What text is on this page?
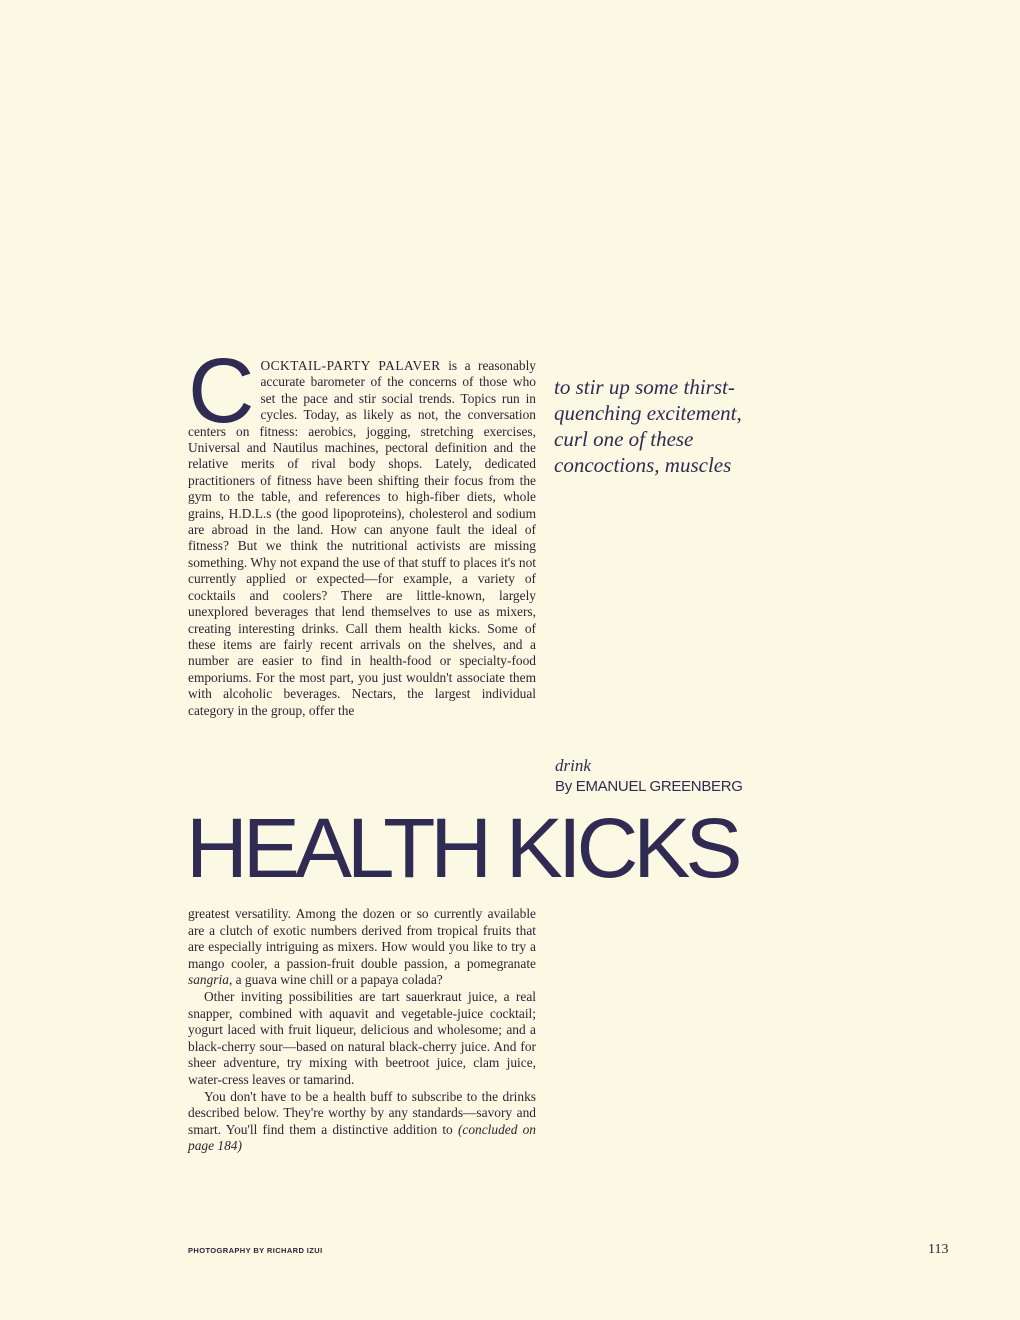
COCKTAIL-PARTY PALAVER is a reasonably accurate barometer of the concerns of those who set the pace and stir social trends. Topics run in cycles. Today, as likely as not, the conversation centers on fitness: aerobics, jogging, stretching exercises, Universal and Nautilus machines, pectoral definition and the relative merits of rival body shops. Lately, dedicated practitioners of fitness have been shifting their focus from the gym to the table, and references to high-fiber diets, whole grains, H.D.L.s (the good lipoproteins), cholesterol and sodium are abroad in the land. How can anyone fault the ideal of fitness? But we think the nutritional activists are missing something. Why not expand the use of that stuff to places it's not currently applied or expected—for example, a variety of cocktails and coolers? There are little-known, largely unexplored beverages that lend themselves to use as mixers, creating interesting drinks. Call them health kicks. Some of these items are fairly recent arrivals on the shelves, and a number are easier to find in health-food or specialty-food emporiums. For the most part, you just wouldn't associate them with alcoholic beverages. Nectars, the largest individual category in the group, offer the

to stir up some thirst-
quenching excitement,
curl one of these
concoctions, muscles
drink
By EMANUEL GREENBERG
HEALTH KICKS

greatest versatility. Among the dozen or so currently available are a clutch of exotic numbers derived from tropical fruits that are especially intriguing as mixers. How would you like to try a mango cooler, a passion-fruit double passion, a pomegranate sangria, a guava wine chill or a papaya colada?

Other inviting possibilities are tart sauerkraut juice, a real snapper, combined with aquavit and vegetable-juice cocktail; yogurt laced with fruit liqueur, delicious and wholesome; and a black-cherry sour—based on natural black-cherry juice. And for sheer adventure, try mixing with beetroot juice, clam juice, water-cress leaves or tamarind.

You don't have to be a health buff to subscribe to the drinks described below. They're worthy by any standards—savory and smart. You'll find them a distinctive addition to (concluded on page 184)

PHOTOGRAPHY BY RICHARD IZUI	113
